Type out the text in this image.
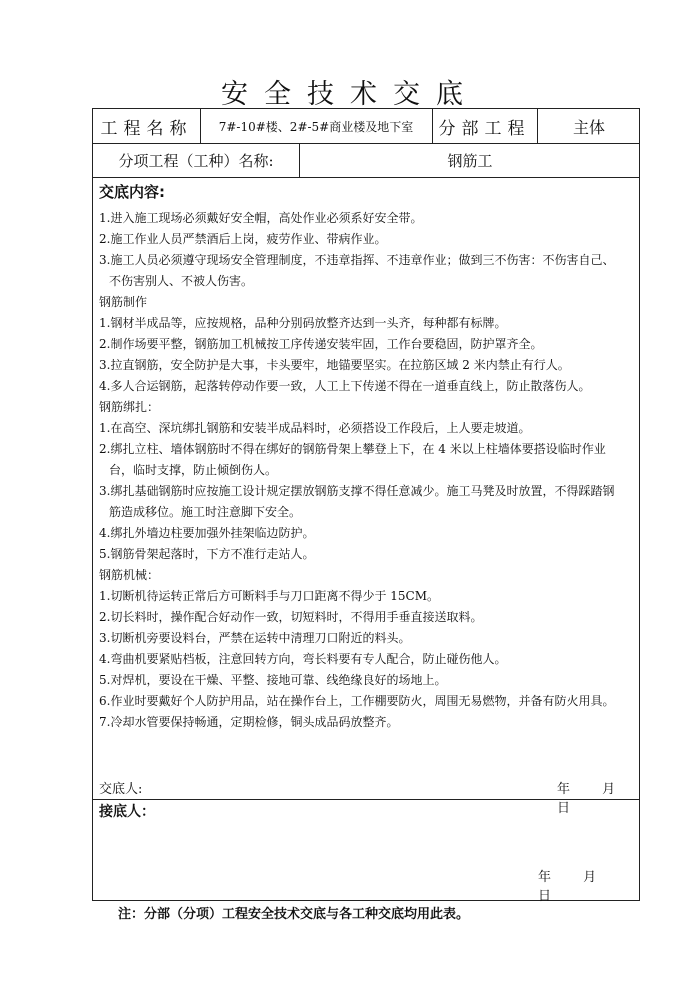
安全技术交底
工程名称	7#-10#楼、2#-5#商业楼及地下室	分部工程	主体
分项工程（工种）名称:	钢筋工
交底内容:
1.进入施工现场必须戴好安全帽，高处作业必须系好安全带。
2.施工作业人员严禁酒后上岗，疲劳作业、带病作业。
3.施工人员必须遵守现场安全管理制度，不违章指挥、不违章作业；做到三不伤害：不伤害自己、
不伤害别人、不被人伤害。
钢筋制作
1.钢材半成品等，应按规格，品种分别码放整齐达到一头齐，每种都有标牌。
2.制作场要平整，钢筋加工机械按工序传递安装牢固，工作台要稳固，防护罩齐全。
3.拉直钢筋，安全防护是大事，卡头要牢，地锚要坚实。在拉筋区域 2 米内禁止有行人。
4.多人合运钢筋，起落转停动作要一致，人工上下传递不得在一道垂直线上，防止散落伤人。
钢筋绑扎：
1.在高空、深坑绑扎钢筋和安装半成品料时，必须搭设工作段后，上人要走坡道。
2.绑扎立柱、墙体钢筋时不得在绑好的钢筋骨架上攀登上下，在 4 米以上柱墙体要搭设临时作业
台，临时支撑，防止倾倒伤人。
3.绑扎基础钢筋时应按施工设计规定摆放钢筋支撑不得任意减少。施工马凳及时放置，不得踩踏钢
筋造成移位。施工时注意脚下安全。
4.绑扎外墙边柱要加强外挂架临边防护。
5.钢筋骨架起落时，下方不准行走站人。
钢筋机械：
1.切断机待运转正常后方可断料手与刀口距离不得少于 15CM。
2.切长料时，操作配合好动作一致，切短料时，不得用手垂直接送取料。
3.切断机旁要设料台，严禁在运转中清理刀口附近的料头。
4.弯曲机要紧贴档板，注意回转方向，弯长料要有专人配合，防止碰伤他人。
5.对焊机，要设在干燥、平整、接地可靠、线绝缘良好的场地上。
6.作业时要戴好个人防护用品，站在操作台上，工作棚要防火，周围无易燃物，并备有防火用具。
7.冷却水管要保持畅通，定期检修，铜头成品码放整齐。
交底人:	年 月 日
接底人：
年 月 日
注：分部（分项）工程安全技术交底与各工种交底均用此表。
